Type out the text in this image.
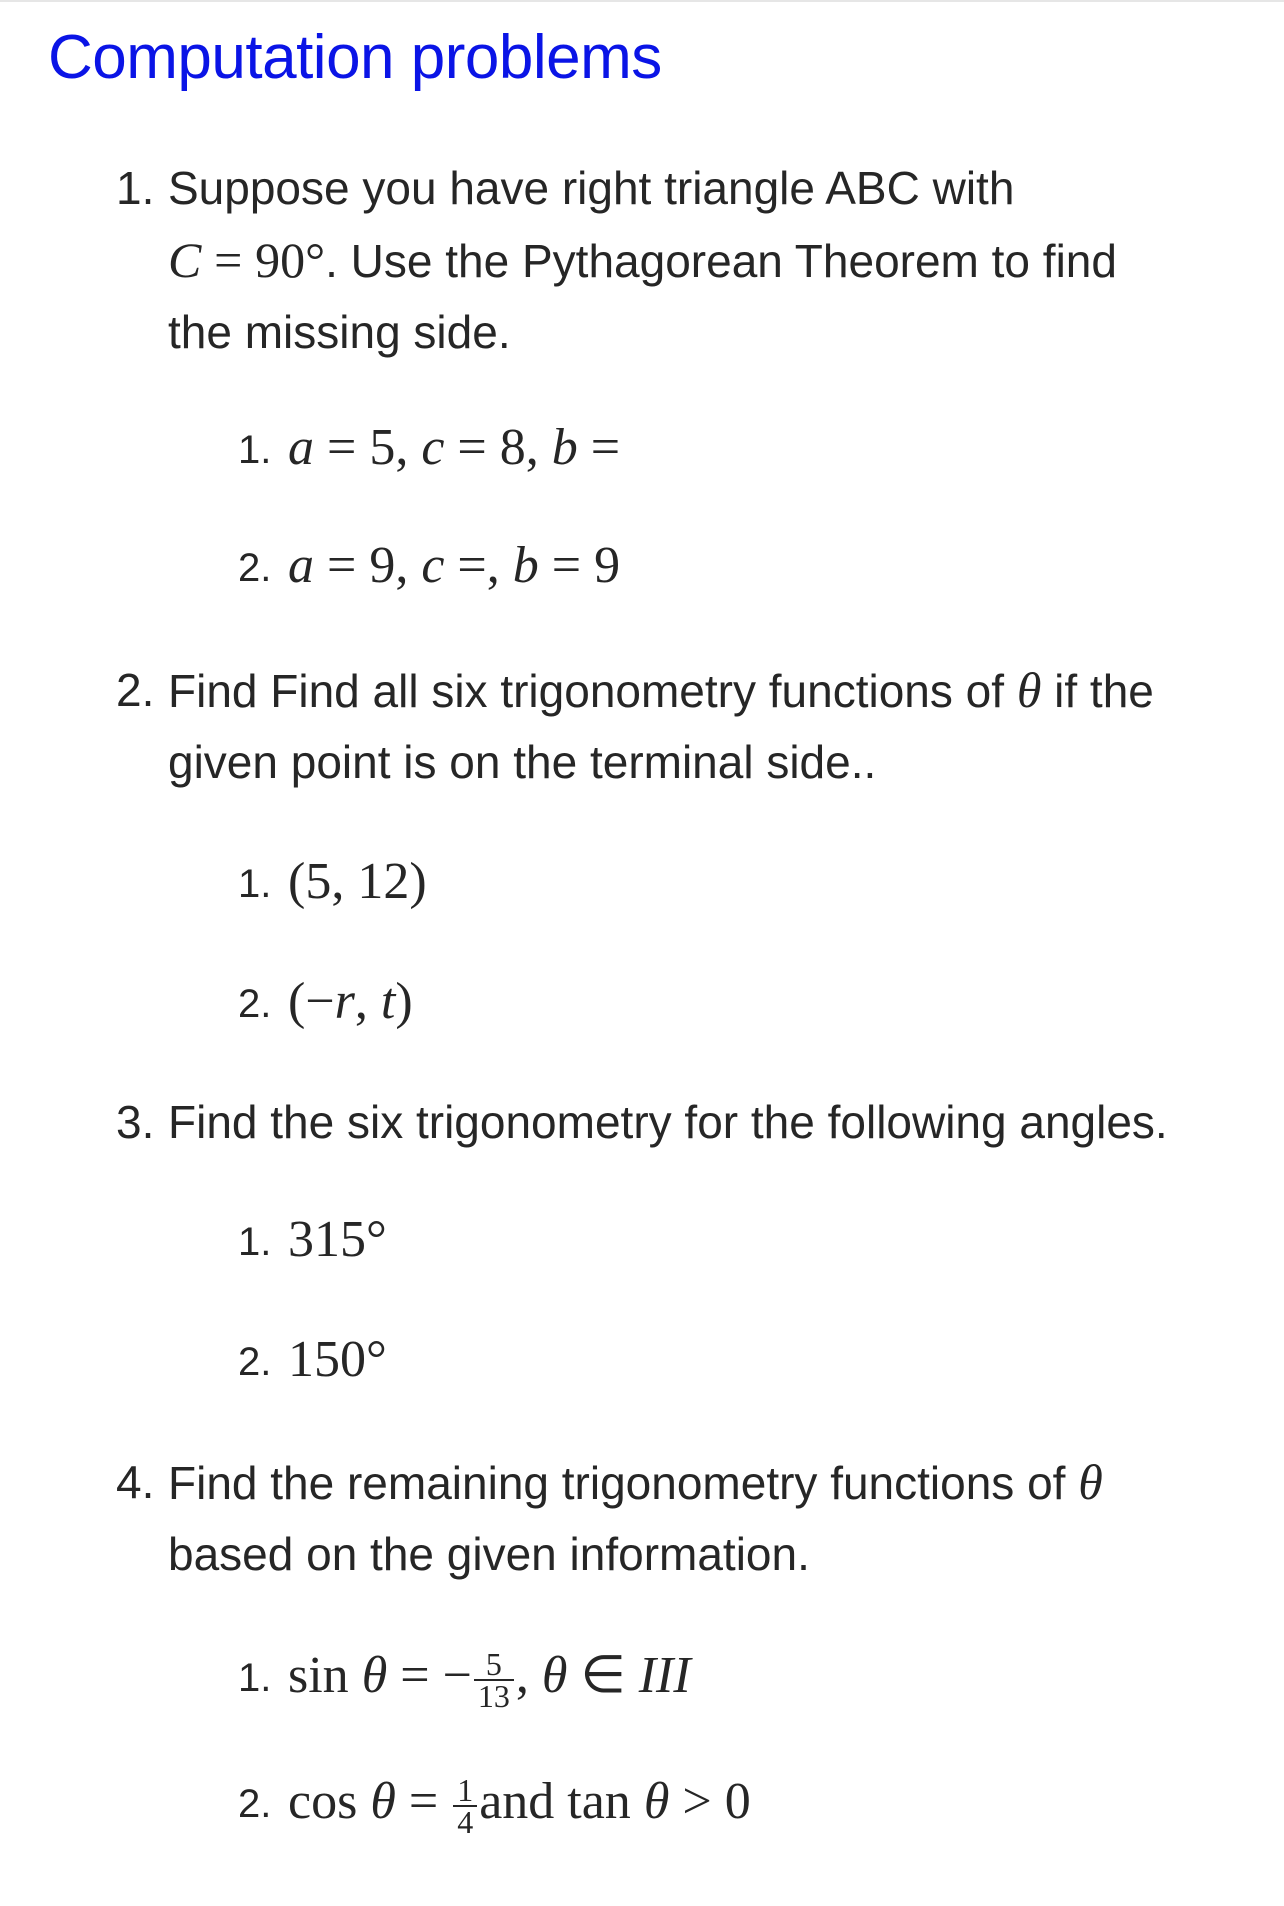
Computation problems
1. Suppose you have right triangle ABC with
C = 90°. Use the Pythagorean Theorem to find
the missing side.
1. a = 5, c = 8, b =
2. a = 9, c =, b = 9
2. Find Find all six trigonometry functions of θ if the
given point is on the terminal side..
1. (5, 12)
2. (−r, t)
3. Find the six trigonometry for the following angles.
1. 315°
2. 150°
4. Find the remaining trigonometry functions of θ
based on the given information.
1. sin θ = − $\frac{5}{13}$ , θ ∈ III
2. $\cos \theta = \frac{1}{4}$ and tan θ > 0
